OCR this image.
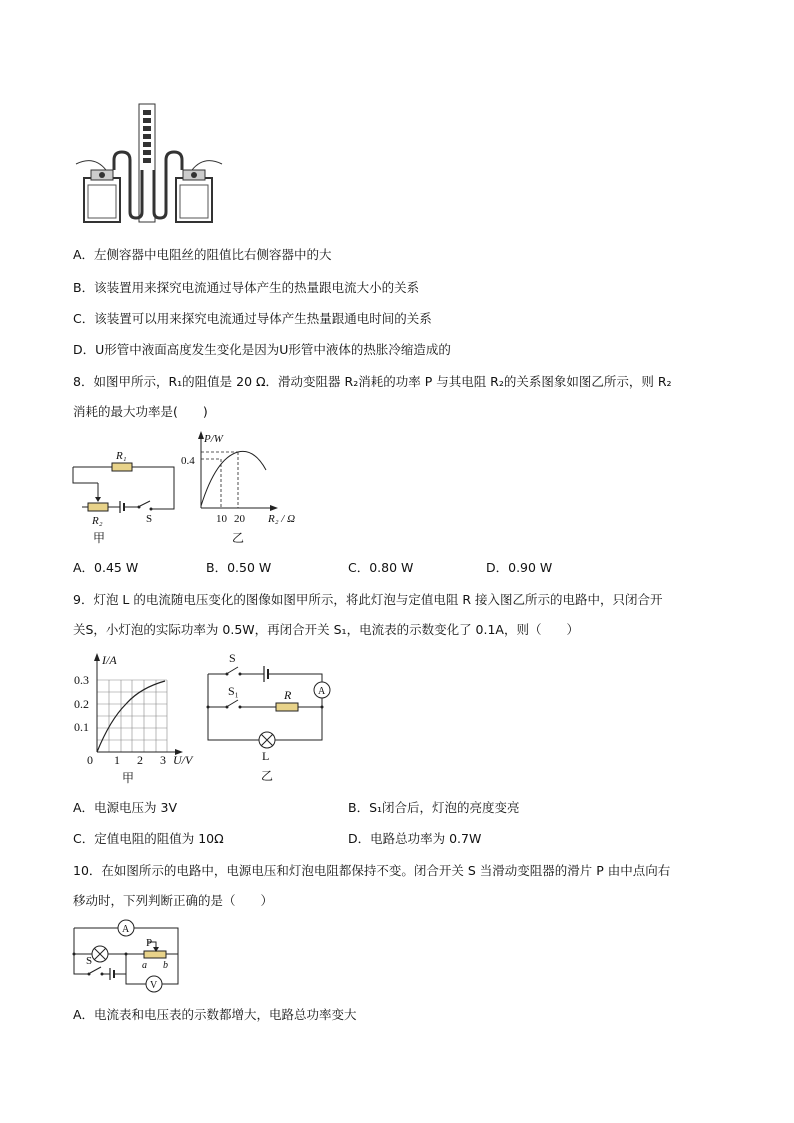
A．左侧容器中电阻丝的阻值比右侧容器中的大
B．该装置用来探究电流通过导体产生的热量跟电流大小的关系
C．该装置可以用来探究电流通过导体产生热量跟通电时间的关系
D．U形管中液面高度发生变化是因为U形管中液体的热胀冷缩造成的
8．如图甲所示，R₁的阻值是 20 Ω．滑动变阻器 R₂消耗的功率 P 与其电阻 R₂的关系图象如图乙所示，则 R₂
消耗的最大功率是(　　)
R₁
R₂	S
甲
P/W
0.4
10 20 R₂ / Ω
乙
A．0.45 W	B．0.50 W	C．0.80 W	D．0.90 W
9．灯泡 L 的电流随电压变化的图像如图甲所示，将此灯泡与定值电阻 R 接入图乙所示的电路中，只闭合开
关S，小灯泡的实际功率为 0.5W，再闭合开关 S₁，电流表的示数变化了 0.1A，则（　　）
I/A
0.3
0.2
0.1
0 1 2 3 U/V
甲
A
S
S₁	R
L
乙
A．电源电压为 3V	B．S₁闭合后，灯泡的亮度变亮
C．定值电阻的阻值为 10Ω	D．电路总功率为 0.7W
10．在如图所示的电路中，电源电压和灯泡电阻都保持不变。闭合开关 S 当滑动变阻器的滑片 P 由中点向右
移动时，下列判断正确的是（　　）
A
V
P
a b
S
A．电流表和电压表的示数都增大，电路总功率变大
